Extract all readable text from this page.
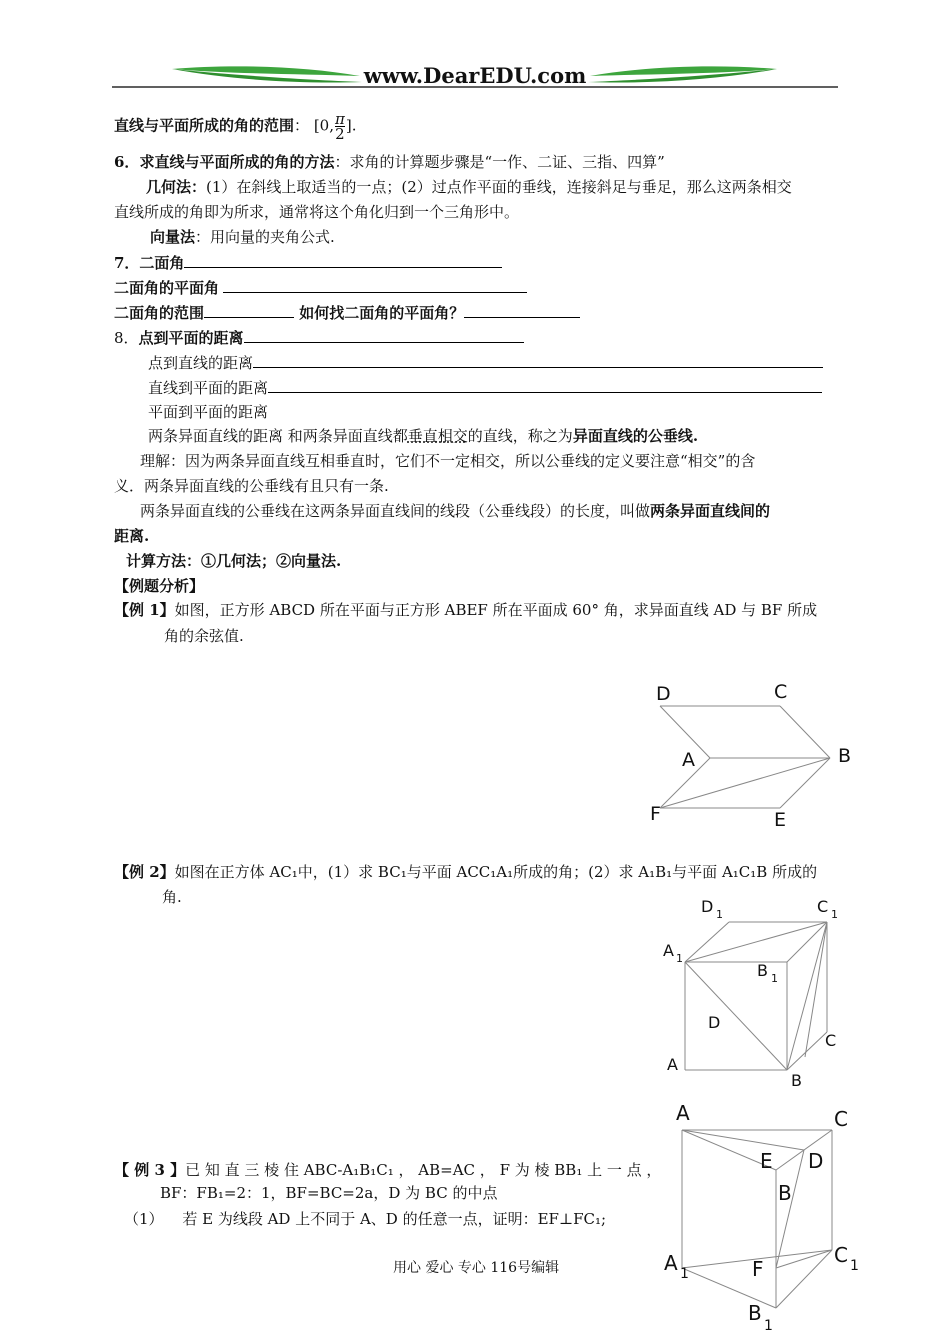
www.DearEDU.com
直线与平面所成的角的范围： [0, $\frac{\pi}{2}$ ].
6．求直线与平面所成的角的方法：求角的计算题步骤是“一作、二证、三指、四算”
几何法：(1）在斜线上取适当的一点；(2）过点作平面的垂线，连接斜足与垂足，那么这两条相交
直线所成的角即为所求，通常将这个角化归到一个三角形中。
向量法：用向量的夹角公式.
7．二面角
二面角的平面角
二面角的范围	如何找二面角的平面角？
8．点到平面的距离
点到直线的距离
直线到平面的距离
平面到平面的距离
两条异面直线的距离 和两条异面直线都垂直相交的直线，称之为异面直线的公垂线.
理解：因为两条异面直线互相垂直时，它们不一定相交，所以公垂线的定义要注意“相交”的含
义．两条异面直线的公垂线有且只有一条.
两条异面直线的公垂线在这两条异面直线间的线段（公垂线段）的长度，叫做两条异面直线间的
距离.
计算方法：①几何法；②向量法.
【例题分析】
【例 1】如图，正方形 ABCD 所在平面与正方形 ABEF 所在平面成 60° 角，求异面直线 AD 与 BF 所成
角的余弦值.
D	C
A	B
F	E
【例 2】如图在正方体 AC₁中，(1）求 BC₁与平面 ACC₁A₁所成的角；(2）求 A₁B₁与平面 A₁C₁B 所成的
角.	D 1	C 1
A 1
B 1
D
C
A
B
【 例 3 】已 知 直 三 棱 住 ABC-A₁B₁C₁ ， AB=AC ， F 为 棱 BB₁ 上 一 点 ，
BF：FB₁=2：1，BF=BC=2a，D 为 BC 的中点
（1） 若 E 为线段 AD 上不同于 A、D 的任意一点，证明：EF⊥FC₁;
A	C
E D
B
A 1	F
C 1
B
1
用心 爱心 专心 116号编辑
